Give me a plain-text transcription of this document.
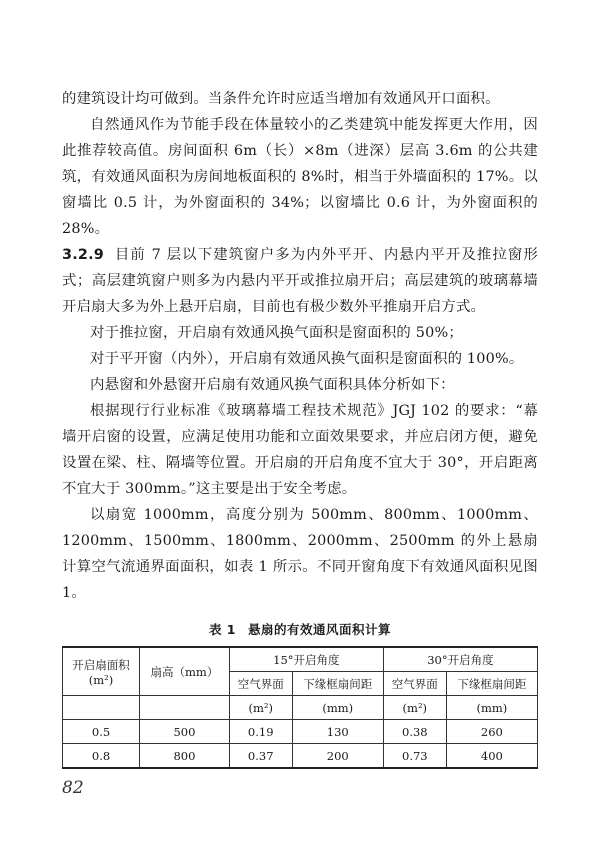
的建筑设计均可做到。当条件允许时应适当增加有效通风开口面积。

自然通风作为节能手段在体量较小的乙类建筑中能发挥更大作用，因此推荐较高值。房间面积 6m（长）×8m（进深）层高 3.6m 的公共建筑，有效通风面积为房间地板面积的 8%时，相当于外墙面积的 17%。以窗墙比 0.5 计，为外窗面积的 34%；以窗墙比 0.6 计，为外窗面积的 28%。

3.2.9 目前 7 层以下建筑窗户多为内外平开、内悬内平开及推拉窗形式；高层建筑窗户则多为内悬内平开或推拉扇开启；高层建筑的玻璃幕墙开启扇大多为外上悬开启扇，目前也有极少数外平推扇开启方式。

对于推拉窗，开启扇有效通风换气面积是窗面积的 50%；

对于平开窗（内外），开启扇有效通风换气面积是窗面积的 100%。

内悬窗和外悬窗开启扇有效通风换气面积具体分析如下：

根据现行行业标准《玻璃幕墙工程技术规范》JGJ 102 的要求：“幕墙开启窗的设置，应满足使用功能和立面效果要求，并应启闭方便，避免设置在梁、柱、隔墙等位置。开启扇的开启角度不宜大于 30°，开启距离不宜大于 300mm。”这主要是出于安全考虑。

以扇宽 1000mm，高度分别为 500mm、800mm、1000mm、1200mm、1500mm、1800mm、2000mm、2500mm 的外上悬扇计算空气流通界面面积，如表 1 所示。不同开窗角度下有效通风面积见图 1。

表 1 悬扇的有效通风面积计算
开启扇面积
(m²)	扇高（mm）	15°开启角度		30°开启角度	
		空气界面	下缘框扇间距	空气界面	下缘框扇间距
		(m²)	(mm)	(m²)	(mm)
0.5	500	0.19	130	0.38	260
0.8	800	0.37	200	0.73	400
82
